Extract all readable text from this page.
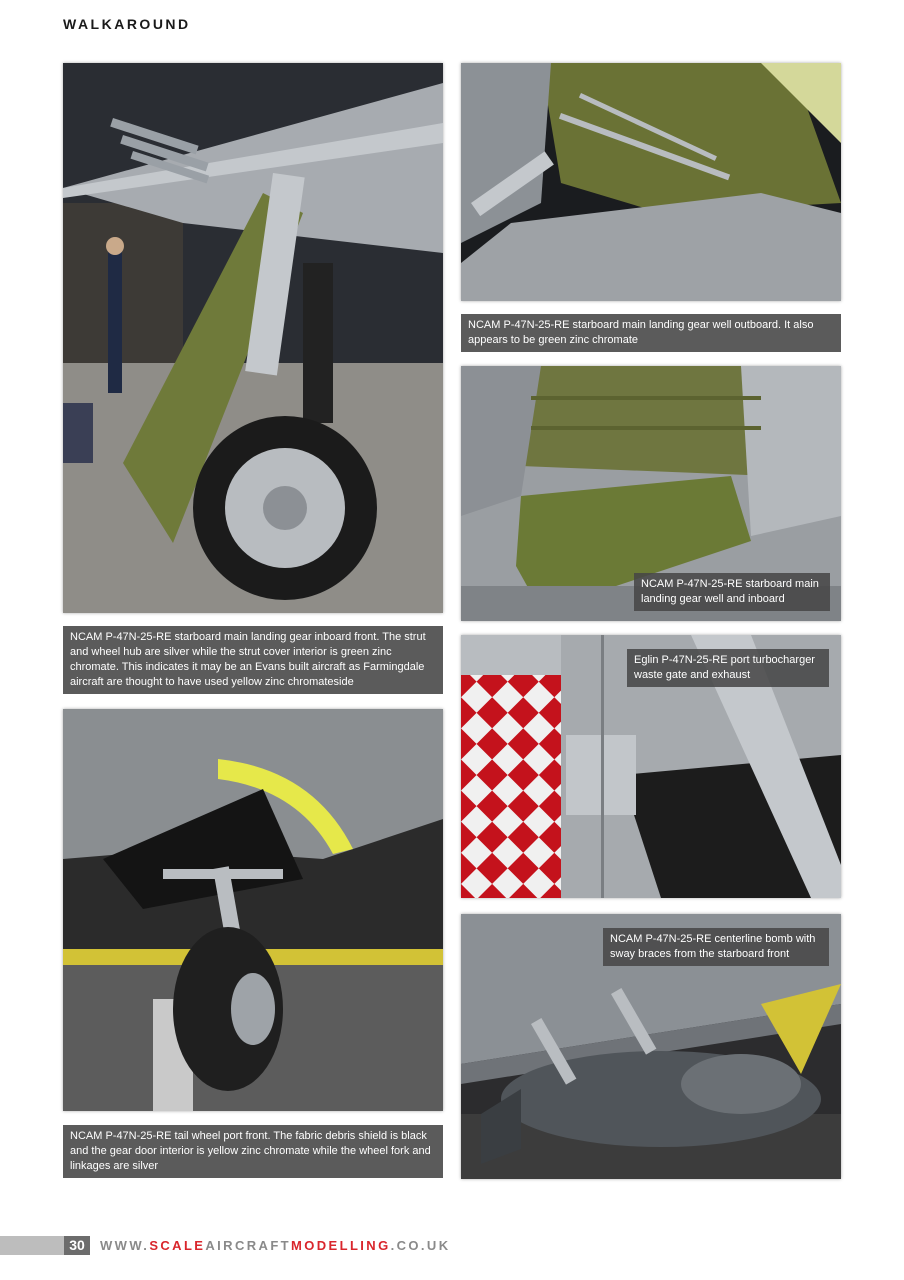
WALKAROUND
NCAM P-47N-25-RE starboard main landing gear inboard front. The strut and wheel hub are silver while the strut cover interior is green zinc chromate. This indicates it may be an Evans built aircraft as Farmingdale aircraft are thought to have used yellow zinc chromateside
NCAM P-47N-25-RE tail wheel port front. The fabric debris shield is black and the gear door interior is yellow zinc chromate while the wheel fork and linkages are silver
NCAM P-47N-25-RE starboard main landing gear well outboard. It also appears to be green zinc chromate
NCAM P-47N-25-RE starboard main landing gear well and inboard
Eglin P-47N-25-RE port turbocharger waste gate and exhaust
NCAM P-47N-25-RE centerline bomb with sway braces from the starboard front
30	WWW.SCALEAIRCRAFTMODELLING.CO.UK
